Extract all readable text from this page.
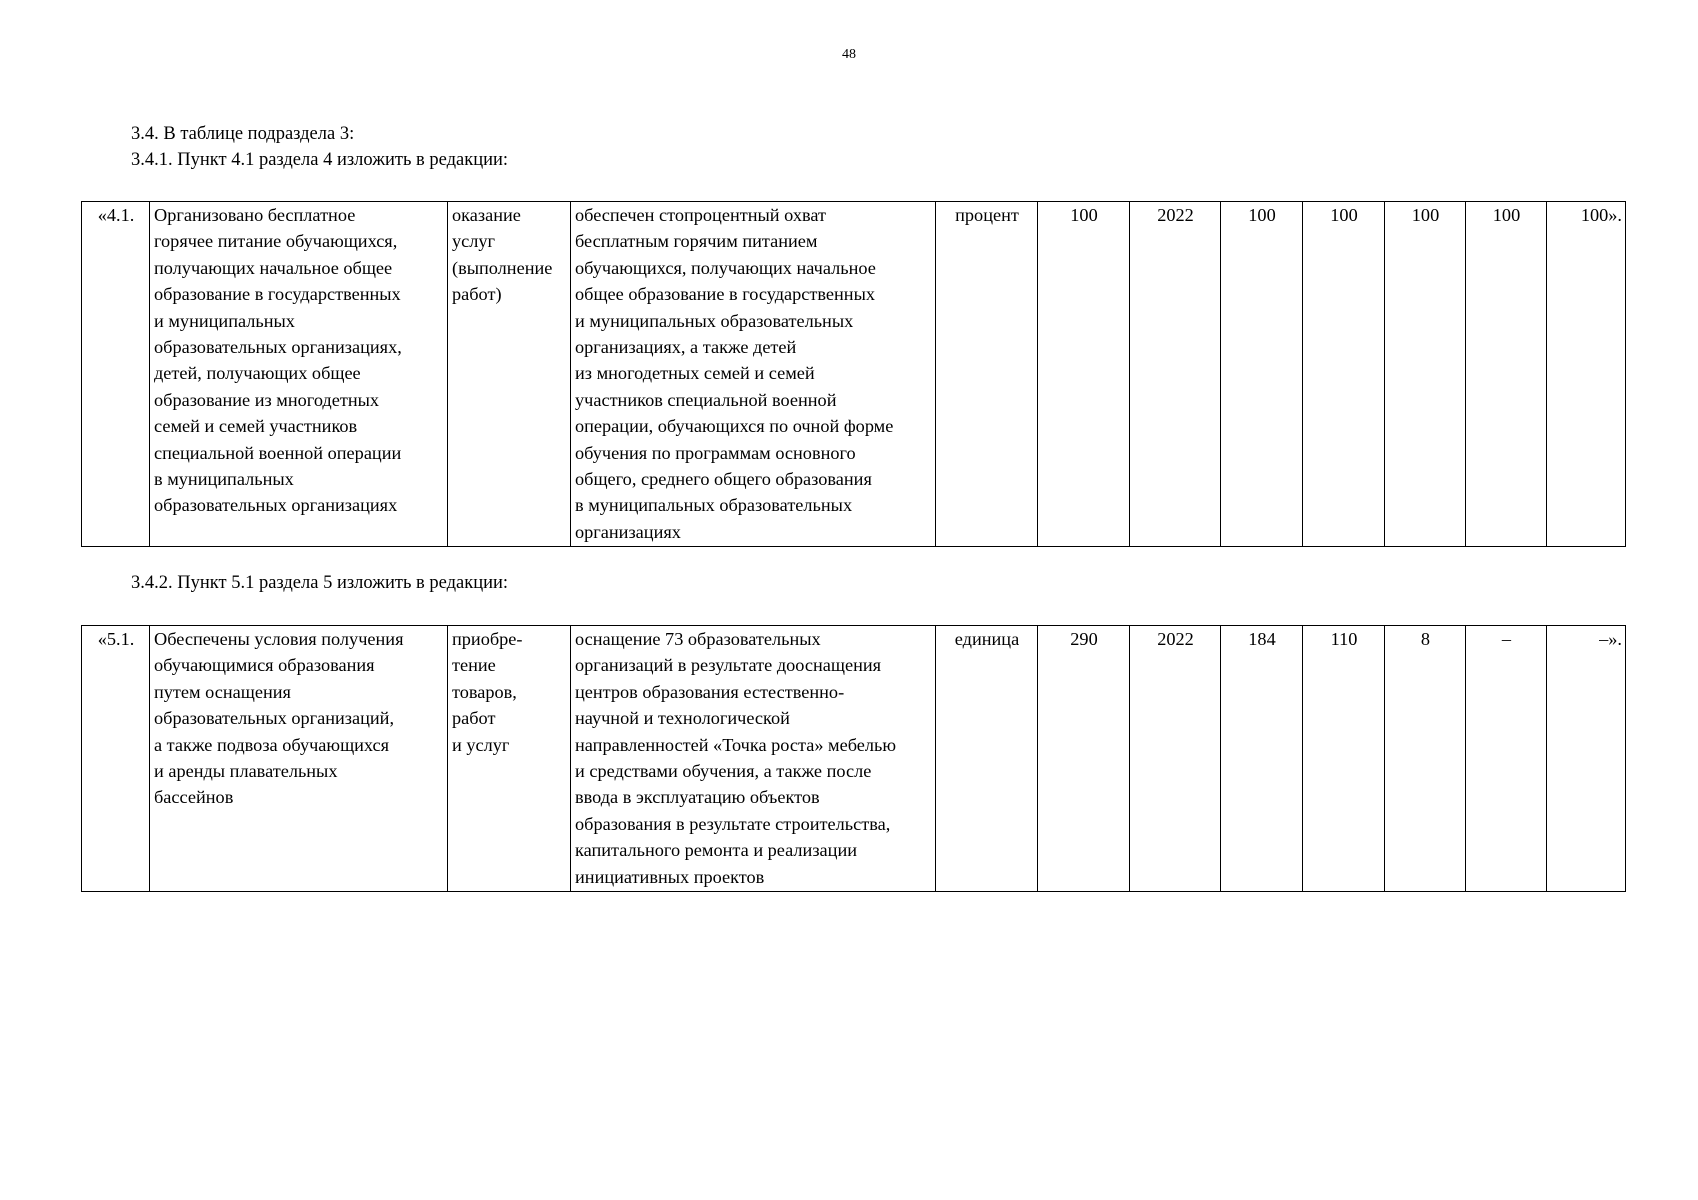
48
3.4. В таблице подраздела 3:
3.4.1. Пункт 4.1 раздела 4 изложить в редакции:
«4.1.	Организовано бесплатное
горячее питание обучающихся,
получающих начальное общее
образование в государственных
и муниципальных
образовательных организациях,
детей, получающих общее
образование из многодетных
семей и семей участников
специальной военной операции
в муниципальных
образовательных организациях	оказание
услуг
(выполнение
работ)	обеспечен стопроцентный охват
бесплатным горячим питанием
обучающихся, получающих начальное
общее образование в государственных
и муниципальных образовательных
организациях, а также детей
из многодетных семей и семей
участников специальной военной
операции, обучающихся по очной форме
обучения по программам основного
общего, среднего общего образования
в муниципальных образовательных
организациях	процент	100	2022	100	100	100	100	100».
3.4.2. Пункт 5.1 раздела 5 изложить в редакции:
«5.1.	Обеспечены условия получения
обучающимися образования
путем оснащения
образовательных организаций,
а также подвоза обучающихся
и аренды плавательных
бассейнов	приобре-
тение
товаров,
работ
и услуг	оснащение 73 образовательных
организаций в результате дооснащения
центров образования естественно-
научной и технологической
направленностей «Точка роста» мебелью
и средствами обучения, а также после
ввода в эксплуатацию объектов
образования в результате строительства,
капитального ремонта и реализации
инициативных проектов	единица	290	2022	184	110	8	–	–».
